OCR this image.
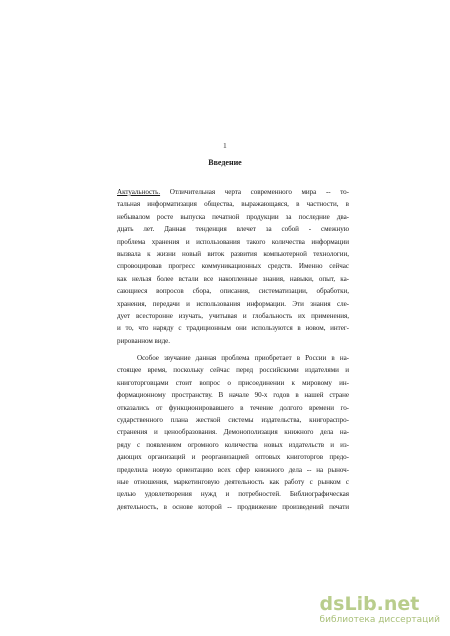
1
Введение
Актуальность. Отличительная черта современного мира -- то-
тальная информатизация общества, выражающаяся, в частности, в
небывалом росте выпуска печатной продукции за последние два-
дцать лет. Данная тенденция влечет за собой - смежную
проблема хранения и использования такого количества информации
вызвала к жизни новый виток развития компьютерной технологии,
спровоцировав прогресс коммуникационных средств. Именно сейчас
как нельзя более встали все накопленные знания, навыки, опыт, ка-
сающиеся вопросов сбора, описания, систематизации, обработки,
хранения, передачи и использования информации. Эти знания сле-
дует всесторонне изучать, учитывая и глобальность их применения,
и то, что наряду с традиционным они используются в новом, интег-
рированном виде.
Особое звучание данная проблема приобретает в России в на-
стоящее время, поскольку сейчас перед российскими издателями и
книготорговцами стоит вопрос о присоединении к мировому ин-
формационному пространству. В начале 90-х годов в нашей стране
отказались от функционировавшего в течение долгого времени го-
сударственного плана жесткой системы издательства, книгораспро-
странения и ценообразования. Демонополизация книжного дела на-
ряду с появлением огромного количества новых издательств и из-
дающих организаций и реорганизацией оптовых книготоргов предо-
пределила новую ориентацию всех сфер книжного дела -- на рыноч-
ные отношения, маркетинговую деятельность как работу с рынком с
целью удовлетворения нужд и потребностей. Библиографическая
деятельность, в основе которой -- продвижение произведений печати
dsLib.net
библиотека диссертаций
